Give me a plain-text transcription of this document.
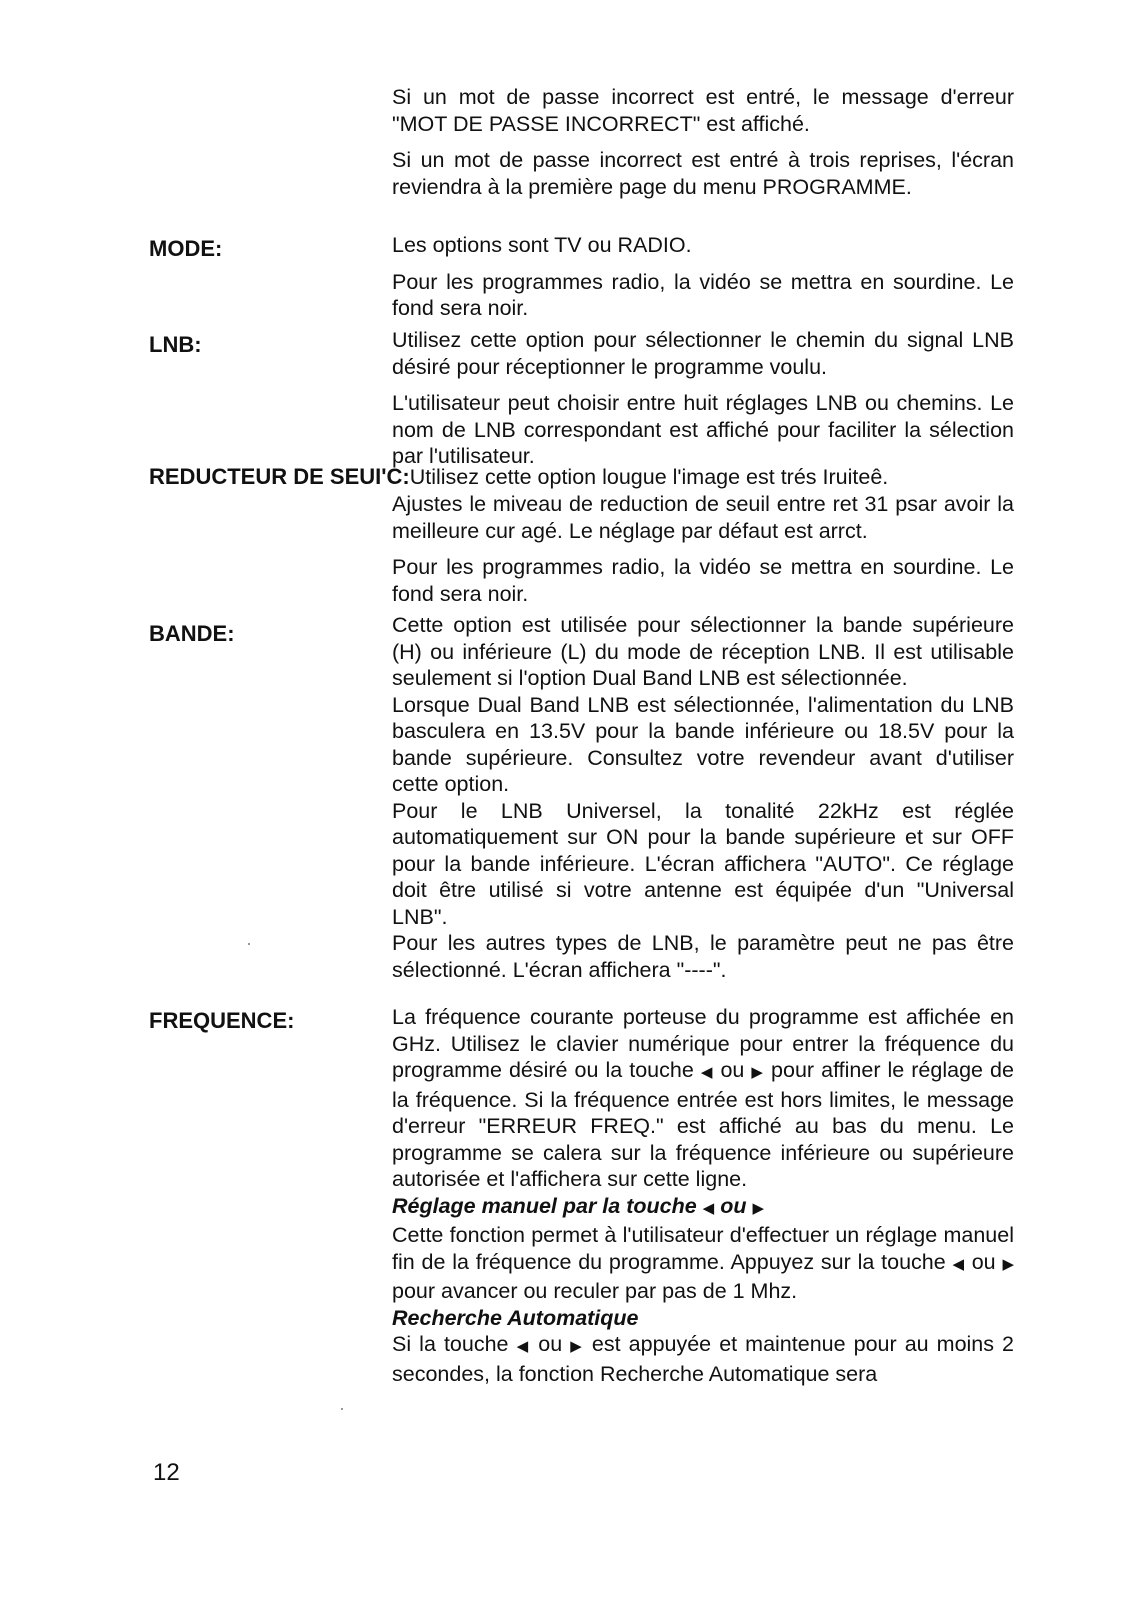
Si un mot de passe incorrect est entré, le message d'erreur "MOT DE PASSE INCORRECT" est affiché.

Si un mot de passe incorrect est entré à trois reprises, l'écran reviendra à la première page du menu PROGRAMME.

MODE:	Les options sont TV ou RADIO.

Pour les programmes radio, la vidéo se mettra en sourdine. Le fond sera noir.

LNB:	Utilisez cette option pour sélectionner le chemin du signal LNB désiré pour réceptionner le programme voulu.

L'utilisateur peut choisir entre huit réglages LNB ou chemins. Le nom de LNB correspondant est affiché pour faciliter la sélection par l'utilisateur.

REDUCTEUR DE SEUI'C:Utilisez cette option lougue l'image est trés Iruiteê.

Ajustes le miveau de reduction de seuil entre ret 31 psar avoir la meilleure cur agé. Le néglage par défaut est arrct.

Pour les programmes radio, la vidéo se mettra en sourdine. Le fond sera noir.

BANDE:	Cette option est utilisée pour sélectionner la bande supérieure (H) ou inférieure (L) du mode de réception LNB. Il est utilisable seulement si l'option Dual Band LNB est sélectionnée.

Lorsque Dual Band LNB est sélectionnée, l'alimentation du LNB basculera en 13.5V pour la bande inférieure ou 18.5V pour la bande supérieure. Consultez votre revendeur avant d'utiliser cette option.

Pour le LNB Universel, la tonalité 22kHz est réglée automatiquement sur ON pour la bande supérieure et sur OFF pour la bande inférieure. L'écran affichera "AUTO". Ce réglage doit être utilisé si votre antenne est équipée d'un "Universal LNB".

Pour les autres types de LNB, le paramètre peut ne pas être sélectionné. L'écran affichera "----".

FREQUENCE:	La fréquence courante porteuse du programme est affichée en GHz. Utilisez le clavier numérique pour entrer la fréquence du programme désiré ou la touche ◀ ou ▶ pour affiner le réglage de la fréquence. Si la fréquence entrée est hors limites, le message d'erreur "ERREUR FREQ." est affiché au bas du menu. Le programme se calera sur la fréquence inférieure ou supérieure autorisée et l'affichera sur cette ligne.

Réglage manuel par la touche ◀ ou ▶

Cette fonction permet à l'utilisateur d'effectuer un réglage manuel fin de la fréquence du programme. Appuyez sur la touche ◀ ou ▶ pour avancer ou reculer par pas de 1 Mhz.

Recherche Automatique

Si la touche ◀ ou ▶ est appuyée et maintenue pour au moins 2 secondes, la fonction Recherche Automatique sera

12
